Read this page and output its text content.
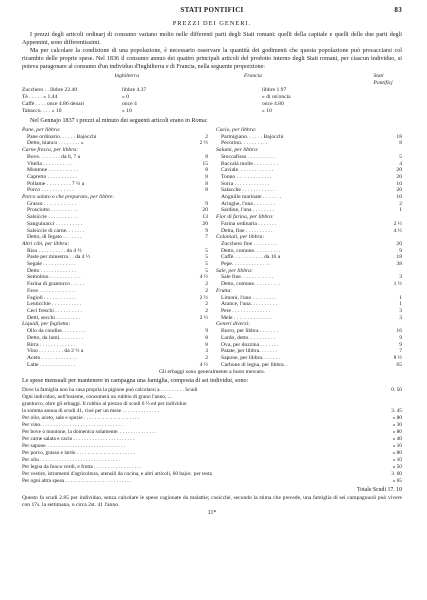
STATI PONTIFICI	83
PREZZI DEI GENERI.

I prezzi degli articoli ordinarj di consumo variano molto nelle differenti parti degli Stati romani: quelli della capitale e quelli delle due parti degli Appennini, sono differentissimi.

Ma per calcolare la condizione di una popolazione, è necessario osservare la quantità dei godimenti che questa popolazione può procacciarsi col ricambio delle proprie spese. Nel 1836 il consumo annuo dei quattro principali articoli del prodotto interno degli Stati romani, per ciascun individuo, si poteva paragonare al consumo d'un individuo d'Inghilterra e di Francia, nella seguente proporzione:

Inghilterra	Francia	Stati Pontificj
Zucchero . . libbre 22.40	libbre 4.37	libbre 1.97
Tè . . . . . » 1.44	» 0	» di un'oncia
Caffè . . . . once 4.86 denari	once 4	once 4.80
Tabacco. . . . » 10	» 10	» 10

Nel Gennajo 1837 i prezzi al minuto dei seguenti articoli erano in Roma:

Pane, per libbra:
Pane ordinario. . . . . . Bajocchi	2
Detto, bianco . . . . . . . . »	2 ½
Carne fresca, per libbra:
Bove. . . . . . . . da 6, 7 a	8
Vitella . . . . . . . . . . .	15
Montone . . . . . . . . . . .	8
Capretto . . . . . . . . . . .	8
Pollame . . . . . . . . . 7 ½ a	8
Porco . . . . . . . . . . . .	8
Porco salato o che preparato, per libbre:
Grasso . . . . . . . . . . . .	9
Prosciutto . . . . . . . . . .	20
Salsiccie . . . . . . . . . . .	13
Sanguinacci . . . . . . . . . .	20
Salsiccie di carne. . . . . . .	9
Detto, di fegato . . . . . . .	7
Altri cibi, per libbra:
Riso . . . . . . . . . . da 4 ½	5
Paste per minestra . . da 4 ½	5
Segale . . . . . . . . . . . .	5
Detto . . . . . . . . . . . . .	5
Semolino. . . . . . . . . . . .	4 ½
Farina di granturco . . . . .	2
Fave. . . . . . . . . . . . . .	2
Fagioli . . . . . . . . . . . .	2 ½
Lenticchie . . . . . . . . . . .	2
Ceci freschi . . . . . . . . . .	2
Detti, secchi . . . . . . . . .	2 ½
Liquidi, per foglietta:
Olio da condire. . . . . . . . .	9
Detto, da lumi. . . . . . . . .	8
Birra . . . . . . . . . . . . .	8
Vino . . . . . . . . . da 2 ½ a	3
Aceto . . . . . . . . . . . . .	2
Latte . . . . . . . . . . . . .	4 ½
Cacio, per libbra:
Parmigiano. . . . . . Bajocchi	18
Pecorino. . . . . . . . . .	8
Salumi, per libbra:
Stoccafisso . . . . . . . . . .	5
Baccalà molle . . . . . . . . .	4
Caviale. . . . . . . . . . . . .	20
Tonno . . . . . . . . . . . . .	20
Sorra . . . . . . . . . . . . .	10
Salacche . . . . . . . . . . . .	20
Anguille marinate . . . . . . .	10
Aringhe, l'una . . . . . . . .	2
Sardine, l'una . . . . . . . .	1
Fior di farina, per libbra:
Farina ordinaria . . . . . . .	2 ½
Detta, fine . . . . . . . . . .	4 ½
Coloniali, per libbra:
Zucchero fine . . . . . . . . .	20
Detto, comune. . . . . . . . . .	9
Caffè. . . . . . . . . . . da 16 a	18
Pepe. . . . . . . . . . . . . .	38
Sale, per libbra:
Sale fine. . . . . . . . . . . .	3
Detto, comune. . . . . . . . . .	1 ½
Frutta:
Limoni, l'uno . . . . . . . . .	1
Arance, l'una. . . . . . . . . .	1
Pere . . . . . . . . . . . . . .	3
Mele . . . . . . . . . . . . . .	3
Generi diversi:
Burro, per libbra . . . . . . .	16
Lardo, detto. . . . . . . . . .	9
Ova, per dozzina . . . . . . .	9
Patate, per libbra. . . . . . .	7
Sapone, per libbra. . . . . . .	8 ½
Carbone di legna, per libbra. .	65
Gli erbaggi sono generalmente a buon mercato.
Le spese mensuali per mantenere in campagna una famiglia, composta di sei individui, sono:
Dove la famiglia non ha casa propria la pigione può calcolarsi a . . . . . . . . . Scudi	0. 50
Ogni individuo, nell'insieme, consumerà un rubbio di grano l'anno, ...
granturco, oltre gli erbaggi. Il rubbio al prezzo di scudi 6 ½ ed per individuo
la somma annua di scudi 41, cioè per un mese . . . . . . . . . . . . . .	3. 45
Per olio, aceto, sale e spezie . . . . . . . . . . . . . . . . . . . . .	» 80
Per vino. . . . . . . . . . . . . . . . . . . . . . . . . . . . . . .	» 30
Per bove o montone, la domenica solamente. . . . . . . . . . . . . . .	» 80
Per carne salata e cacio . . . . . . . . . . . . . . . . . . . . . . .	» 40
Per sapone. . . . . . . . . . . . . . . . . . . . . . . . . . . . . .	» 10
Per porco, grasso e lardo . . . . . . . . . . . . . . . . . . . . . .	» 80
Per olio . . . . . . . . . . . . . . . . . . . . . . . . . . . . . .	» 10
Per legna da fuoco verdi, e frutta . . . . . . . . . . . . . . . . . .	» 50
Per vestire, istrumenti d'agricoltura, utensili da cucina, e altri articoli, 60 bajoc. per testa	3. 60
Per ogni altra spesa . . . . . . . . . . . . . . . . . . . . . . . . .	» 65
Totale Scudi 17. 10
Questo fa scudi 2.85 per individuo, senza calcolare le spese cagionate da malattie; cosicchè, secondo la stima che precede, una famiglia di sei campagnuoli può vivere con 17s. la settimana, o circa 2st. 41 l'anno.
11*
